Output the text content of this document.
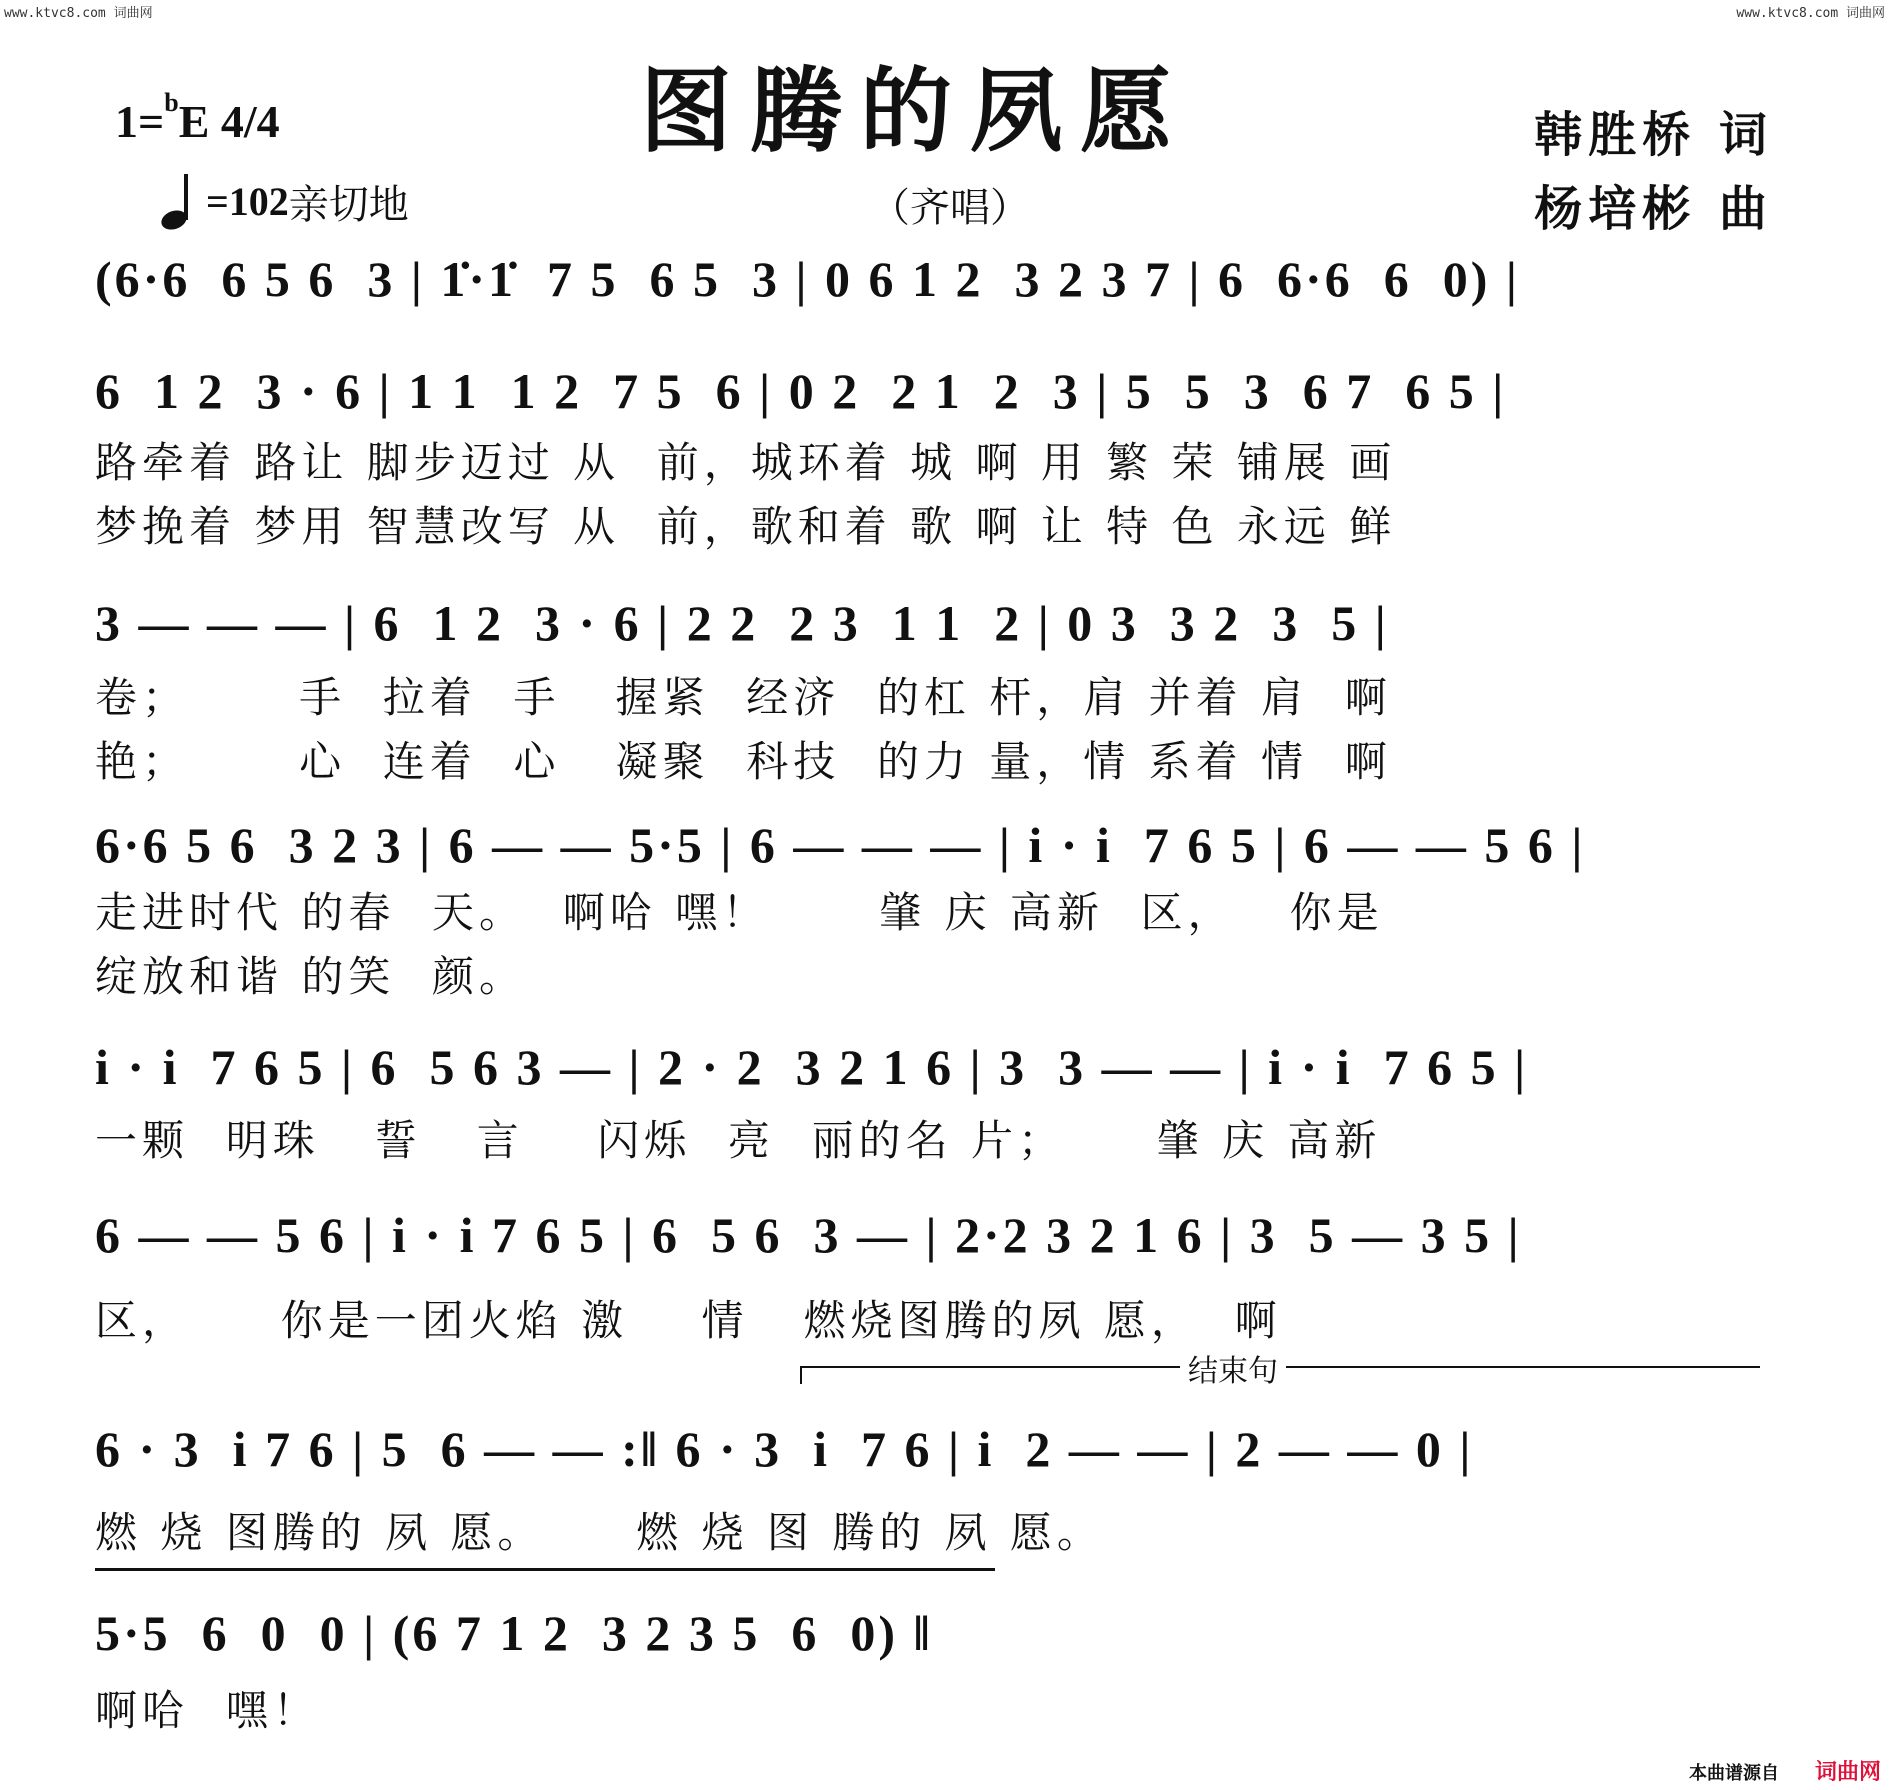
www.ktvc8.com 词曲网	www.ktvc8.com 词曲网
1=$^b$E 4/4	图腾的夙愿
=102 亲切地	（齐唱）
韩胜桥 词
杨培彬 曲
(6·6  6 5 6  3 | 1̇·1̇  7 5  6 5  3 | 0 6 1 2  3 2 3 7 | 6  6·6  6  0) |
6  1 2  3 · 6 | 1 1  1 2  7 5  6 | 0 2  2 1  2  3 | 5  5  3  6 7  6 5 |
路牵着 路让 脚步迈过 从  前，城环着 城 啊 用 繁 荣 铺展 画
梦挽着 梦用 智慧改写 从  前，歌和着 歌 啊 让 特 色 永远 鲜
3 — — — | 6  1 2  3 · 6 | 2 2  2 3  1 1  2 | 0 3  3 2  3  5 |
卷；      手  拉着  手   握紧  经济  的杠 杆，肩 并着 肩  啊
艳；      心  连着  心   凝聚  科技  的力 量，情 系着 情  啊
6·6 5 6  3 2 3 | 6 — — 5·5 | 6 — — — | i · i  7 6 5 | 6 — — 5 6 |
走进时代 的春  天。  啊哈 嘿！      肇 庆 高新  区，   你是
绽放和谐 的笑  颜。
i · i  7 6 5 | 6  5 6 3 — | 2 · 2  3 2 1 6 | 3  3 — — | i · i  7 6 5 |
一颗  明珠   誓   言    闪烁  亮  丽的名 片；     肇 庆 高新
6 — — 5 6 | i · i 7 6 5 | 6  5 6  3 — | 2·2 3 2 1 6 | 3  5 — 3 5 |
区，     你是一团火焰 激    情   燃烧图腾的夙 愿，  啊
结束句
6 · 3  i 7 6 | 5  6 — — :‖ 6 · 3  i  7 6 | i  2 — — | 2 — — 0 |
燃 烧 图腾的 夙 愿。     燃 烧 图 腾的 夙 愿。
5·5  6  0  0 | (6 7 1 2  3 2 3 5  6  0) ‖
啊哈  嘿！
本曲谱源自 词曲网
